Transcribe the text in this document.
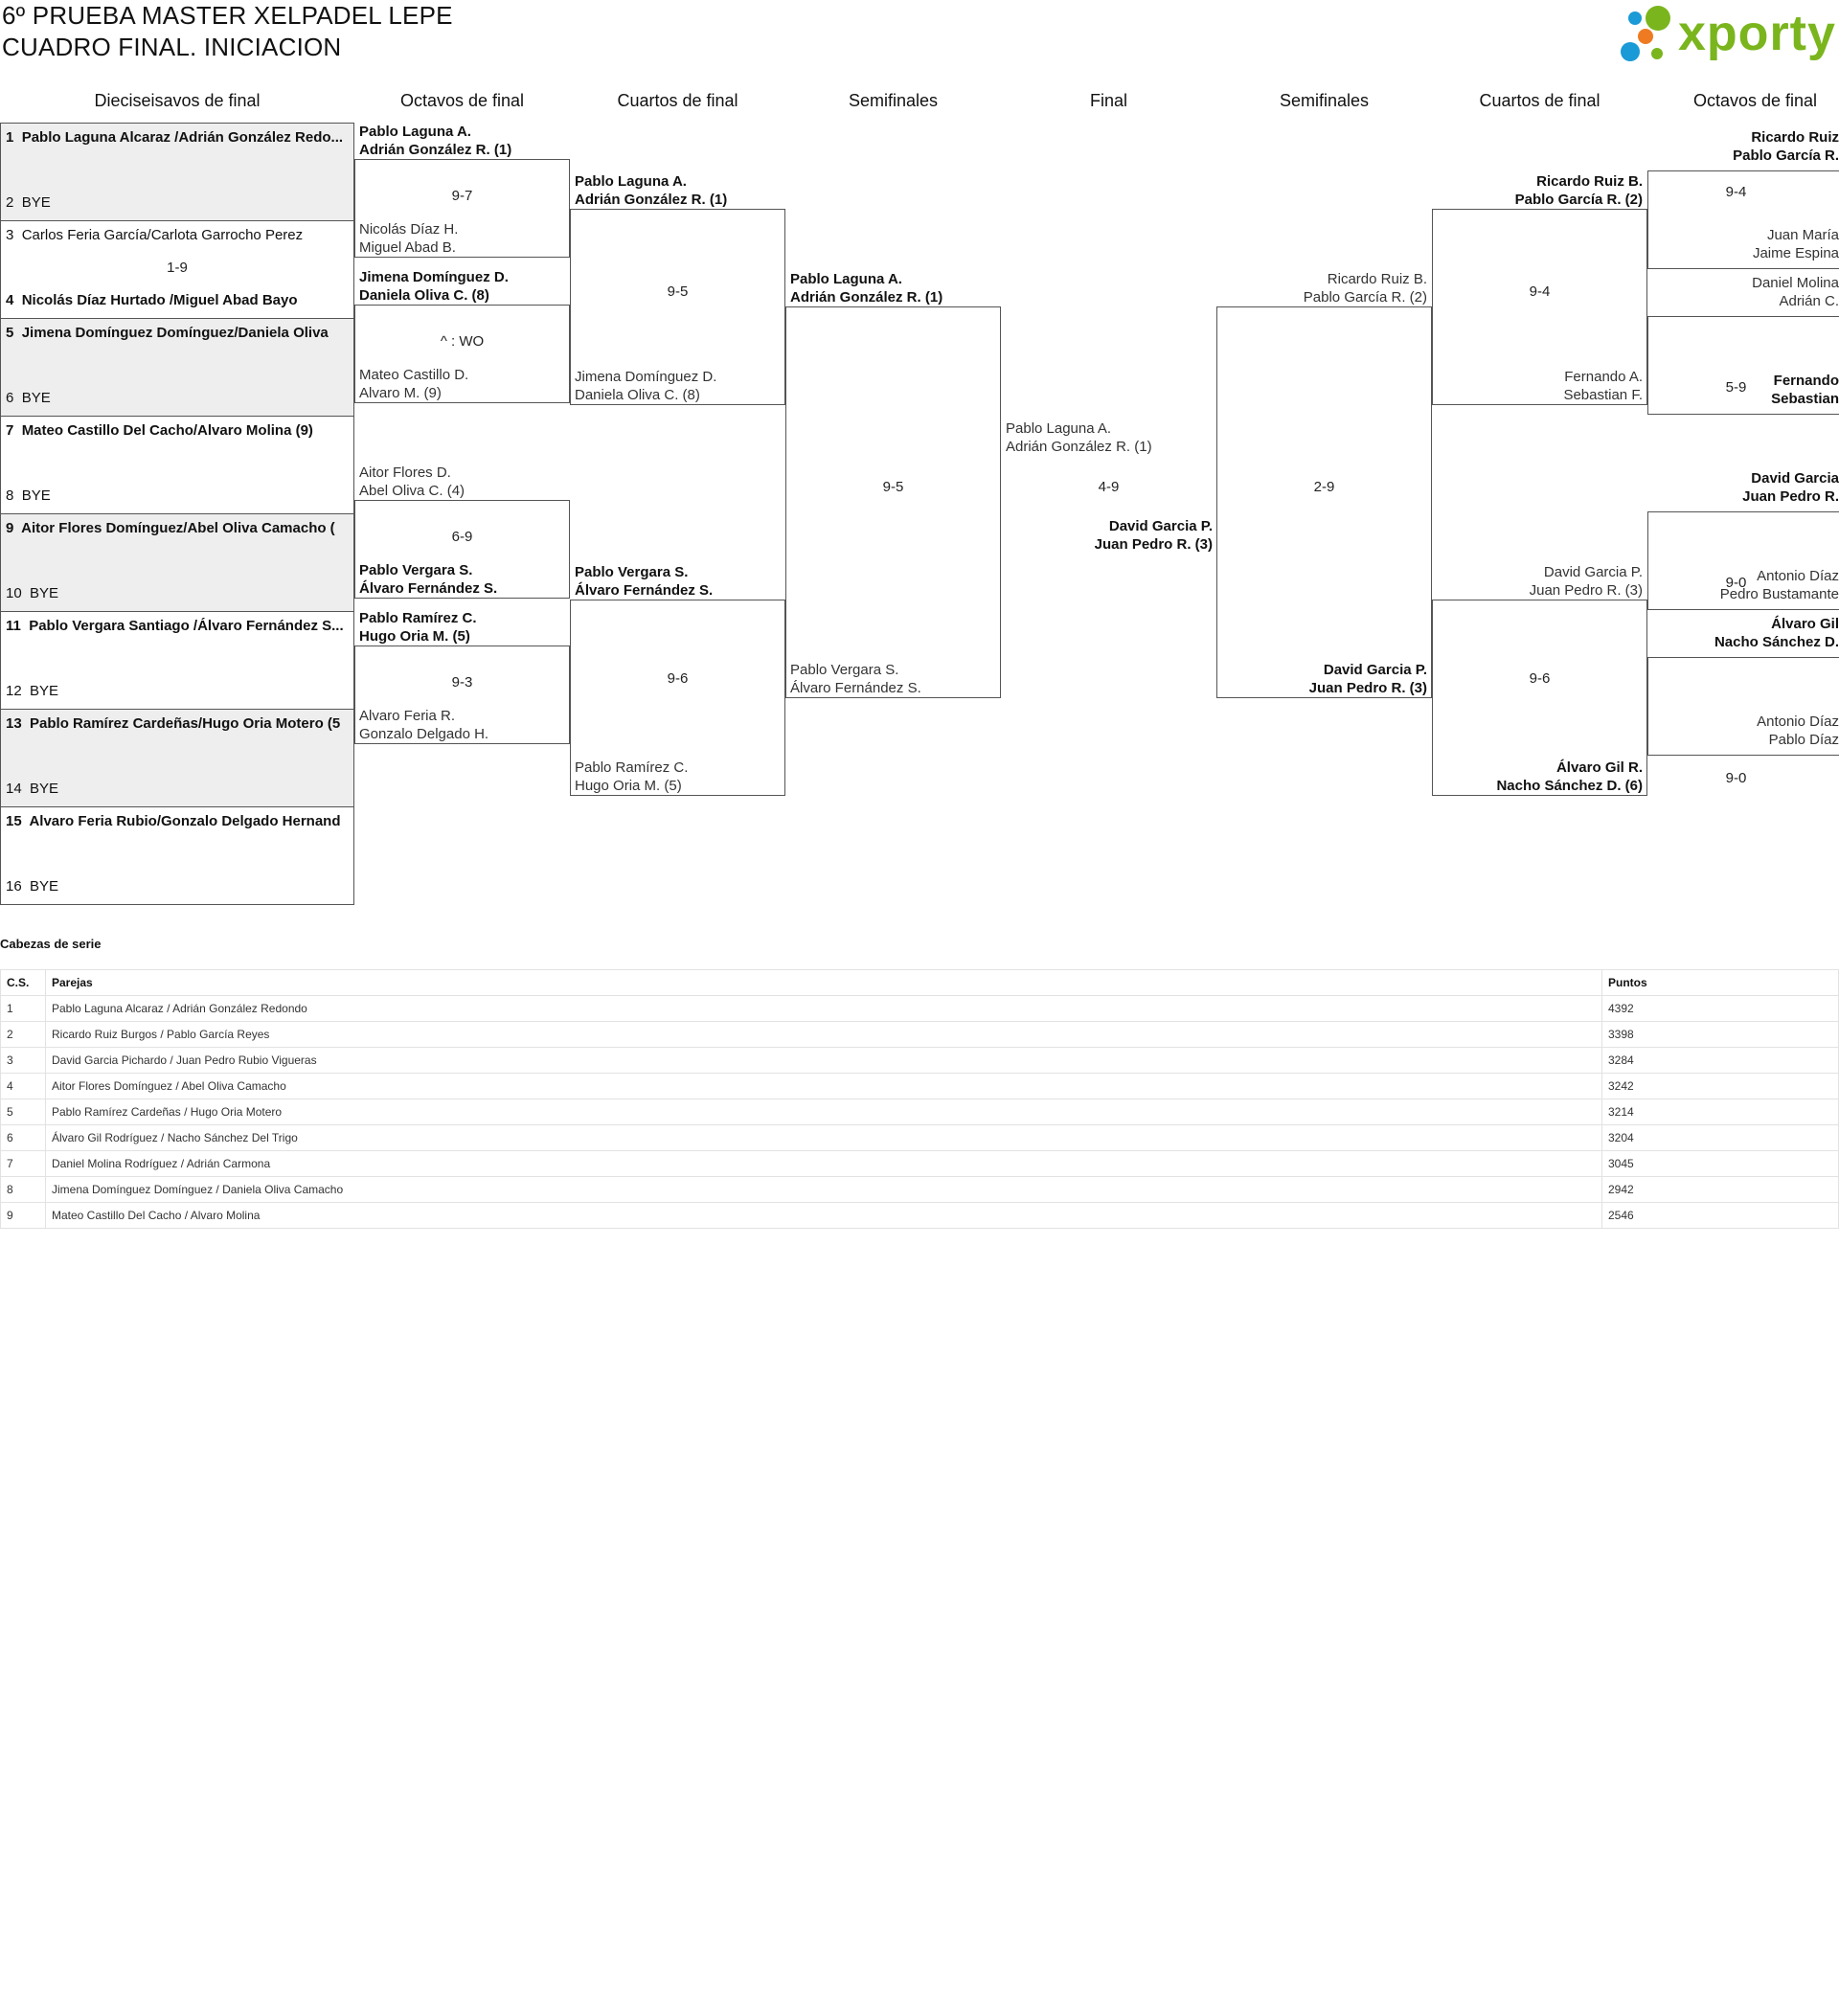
6º PRUEBA MASTER XELPADEL LEPE
CUADRO FINAL. INICIACION	xporty
Dieciseisavos de final	Octavos de final	Cuartos de final	Semifinales	Final	Semifinales	Cuartos de final	Octavos de final
1 Pablo Laguna Alcaraz /Adrián González Redo...
2 BYE
3 Carlos Feria García/Carlota Garrocho Perez
4 Nicolás Díaz Hurtado /Miguel Abad Bayo
1-9
5 Jimena Domínguez Domínguez/Daniela Oliva
6 BYE
7 Mateo Castillo Del Cacho/Alvaro Molina (9)
8 BYE
9 Aitor Flores Domínguez/Abel Oliva Camacho (
10 BYE
11 Pablo Vergara Santiago /Álvaro Fernández S...
12 BYE
13 Pablo Ramírez Cardeñas/Hugo Oria Motero (5
14 BYE
15 Alvaro Feria Rubio/Gonzalo Delgado Hernand
16 BYE
Pablo Laguna A.
Adrián González R. (1)
Nicolás Díaz H.
Miguel Abad B.
9-7
Jimena Domínguez D.
Daniela Oliva C. (8)
Mateo Castillo D.
Alvaro M. (9)
^ : WO
Aitor Flores D.
Abel Oliva C. (4)
Pablo Vergara S.
Álvaro Fernández S.
6-9
Pablo Ramírez C.
Hugo Oria M. (5)
Alvaro Feria R.
Gonzalo Delgado H.
9-3
Pablo Laguna A.
Adrián González R. (1)
Jimena Domínguez D.
Daniela Oliva C. (8)
9-5
Pablo Vergara S.
Álvaro Fernández S.
Pablo Ramírez C.
Hugo Oria M. (5)
9-6
Pablo Laguna A.
Adrián González R. (1)
Pablo Vergara S.
Álvaro Fernández S.
9-5
Pablo Laguna A.
Adrián González R. (1)
4-9
David Garcia P.
Juan Pedro R. (3)
Ricardo Ruiz B.
Pablo García R. (2)
David Garcia P.
Juan Pedro R. (3)
2-9
Ricardo Ruiz B.
Pablo García R. (2)
Fernando A.
Sebastian F.
9-4
David Garcia P.
Juan Pedro R. (3)
Álvaro Gil R.
Nacho Sánchez D. (6)
9-6
Ricardo Ruiz
Pablo García R.
Juan María
Jaime Espina
9-4
Daniel Molina
Adrián C.
Fernando
Sebastian
5-9
David Garcia
Juan Pedro R.
Antonio Díaz
Pedro Bustamante
9-0
Álvaro Gil
Nacho Sánchez D.
Antonio Díaz
Pablo Díaz
9-0
Cabezas de serie
C.S.	Parejas	Puntos
1	Pablo Laguna Alcaraz / Adrián González Redondo	4392
2	Ricardo Ruiz Burgos / Pablo García Reyes	3398
3	David Garcia Pichardo / Juan Pedro Rubio Vigueras	3284
4	Aitor Flores Domínguez / Abel Oliva Camacho	3242
5	Pablo Ramírez Cardeñas / Hugo Oria Motero	3214
6	Álvaro Gil Rodríguez / Nacho Sánchez Del Trigo	3204
7	Daniel Molina Rodríguez / Adrián Carmona	3045
8	Jimena Domínguez Domínguez / Daniela Oliva Camacho	2942
9	Mateo Castillo Del Cacho / Alvaro Molina	2546
